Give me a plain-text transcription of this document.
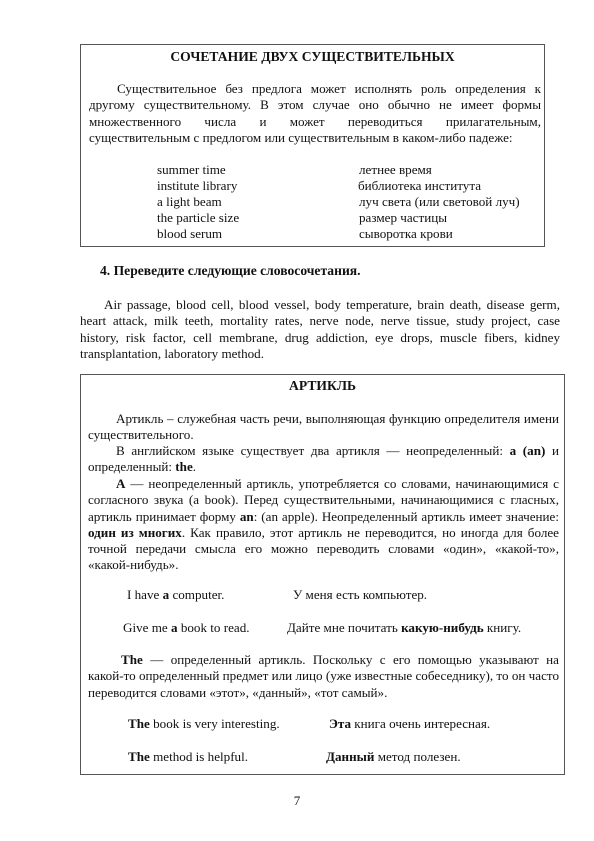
СОЧЕТАНИЕ ДВУХ СУЩЕСТВИТЕЛЬНЫХ
Существительное без предлога может исполнять роль определения к другому существительному. В этом случае оно обычно не имеет формы множественного числа и может переводиться прилагательным, существительным с предлогом или существительным в каком-либо падеже:
summer time	летнее время
institute library	библиотека института
a light beam	луч света (или световой луч)
the particle size	размер частицы
blood serum	сыворотка крови
4. Переведите следующие словосочетания.
Air passage, blood cell, blood vessel, body temperature, brain death, disease germ, heart attack, milk teeth, mortality rates, nerve node, nerve tissue, study project, case history, risk factor, cell membrane, drug addiction, eye drops, muscle fibers, kidney transplantation, laboratory method.
АРТИКЛЬ
Артикль – служебная часть речи, выполняющая функцию определителя имени существительного.
В английском языке существует два артикля — неопределенный: a (an) и определенный: the.
A — неопределенный артикль, употребляется со словами, начинающимися с согласного звука (a book). Перед существительными, начинающимися с гласных, артикль принимает форму an: (an apple). Неопределенный артикль имеет значение: один из многих. Как правило, этот артикль не переводится, но иногда для более точной передачи смысла его можно переводить словами «один», «какой-то», «какой-нибудь».
I have a computer.	У меня есть компьютер.
Give me a book to read.	Дайте мне почитать какую-нибудь книгу.
The — определенный артикль. Поскольку с его помощью указывают на какой-то определенный предмет или лицо (уже известные собеседнику), то он часто переводится словами «этот», «данный», «тот самый».
The book is very interesting.	Эта книга очень интересная.
The method is helpful.	Данный метод полезен.
7
